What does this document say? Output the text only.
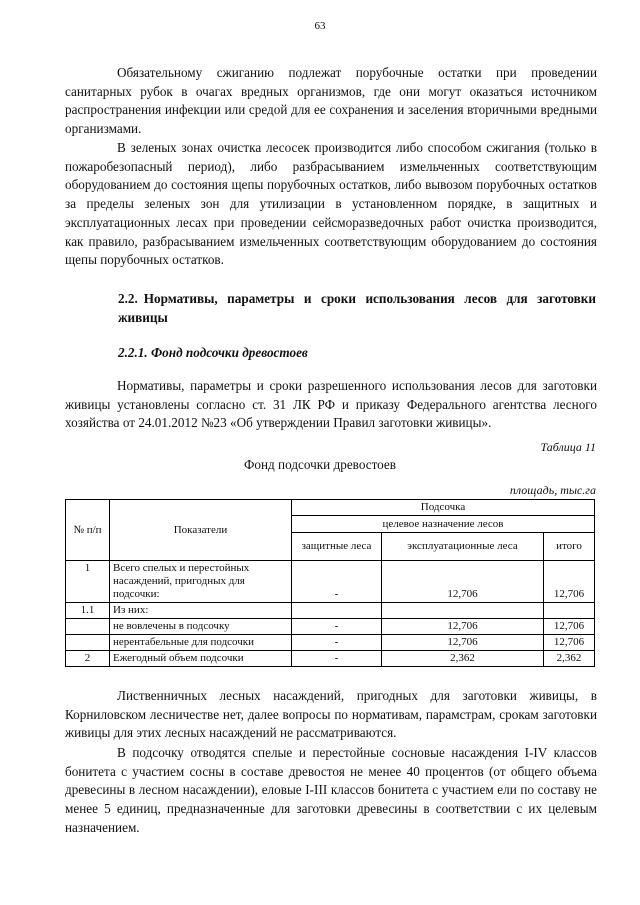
63

Обязательному сжиганию подлежат порубочные остатки при проведении санитарных рубок в очагах вредных организмов, где они могут оказаться источником распространения инфекции или средой для ее сохранения и заселения вторичными вредными организмами.

В зеленых зонах очистка лесосек производится либо способом сжигания (только в пожаробезопасный период), либо разбрасыванием измельченных соответствующим оборудованием до состояния щепы порубочных остатков, либо вывозом порубочных остатков за пределы зеленых зон для утилизации в установленном порядке, в защитных и эксплуатационных лесах при проведении сейсморазведочных работ очистка производится, как правило, разбрасыванием измельченных соответствующим оборудованием до состояния щепы порубочных остатков.

2.2. Нормативы, параметры и сроки использования лесов для заготовки живицы

2.2.1. Фонд подсочки древостоев

Нормативы, параметры и сроки разрешенного использования лесов для заготовки живицы установлены согласно ст. 31 ЛК РФ и приказу Федерального агентства лесного хозяйства от 24.01.2012 №23 «Об утверждении Правил заготовки живицы».

Таблица 11
Фонд подсочки древостоев
площадь, тыс.га
№ п/п	Показатели	Подсочка		
		целевое назначение лесов		
		защитные леса	эксплуатационные леса	итого
1	Всего спелых и перестойных насаждений, пригодных для подсочки:	-	12,706	12,706
1.1	Из них:			
	не вовлечены в подсочку	-	12,706	12,706
	нерентабельные для подсочки	-	12,706	12,706
2	Ежегодный объем подсочки	-	2,362	2,362

Лиственничных лесных насаждений, пригодных для заготовки живицы, в Корниловском лесничестве нет, далее вопросы по нормативам, парамстрам, срокам заготовки живицы для этих лесных насаждений не рассматриваются.

В подсочку отводятся спелые и перестойные сосновые насаждения I-IV классов бонитета с участием сосны в составе древостоя не менее 40 процентов (от общего объема древесины в лесном насаждении), еловые I-III классов бонитета с участием ели по составу не менее 5 единиц, предназначенные для заготовки древесины в соответствии с их целевым назначением.
